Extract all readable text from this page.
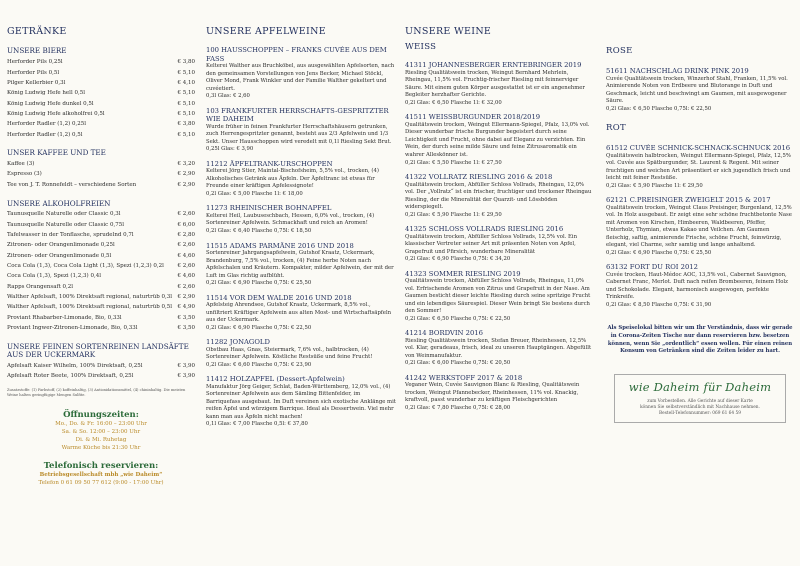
GETRÄNKE
UNSERE BIERE
Herforder Pils 0,25l	€ 3,80
Herforder Pils 0,5l	€ 5,10
Pilger Kellerbier 0,3l	€ 4,10
König Ludwig Hefe hell 0,5l	€ 5,10
König Ludwig Hefe dunkel 0,5l	€ 5,10
König Ludwig Hefe alkoholfrei 0,5l	€ 5,10
Herforder Radler (1,2) 0,25l	€ 3,80
Herforder Radler (1,2) 0,5l	€ 5,10
UNSER KAFFEE UND TEE
Kaffee (3)	€ 3,20
Espresso (3)	€ 2,90
Tee von J. T. Ronnefeldt – verschiedene Sorten	€ 2,90
UNSERE ALKOHOLFREIEN
Taunusquelle Naturelle oder Classic 0,3l	€ 2,60
Taunusquelle Naturelle oder Classic 0,75l	€ 6,00
Tafelwasser in der Tonflasche, sprudelnd 0,7l	€ 2,80
Zitronen- oder Orangenlimonade 0,25l	€ 2,60
Zitronen- oder Orangenlimonade 0,5l	€ 4,60
Coca Cola (1,3), Coca Cola Light (1,3), Spezi (1,2,3) 0,2l	€ 2,60
Coca Cola (1,3), Spezi (1,2,3) 0,4l	€ 4,60
Rapps Orangensaft 0,2l	€ 2,60
Walther Apfelsaft, 100% Direktsaft regional, naturtrüb 0,3l € 2,90
Walther Apfelsaft, 100% Direktsaft regional, naturtrüb 0,5l € 4,90
Proviant Rhabarber-Limonade, Bio, 0,33l	€ 3,50
Proviant Ingwer-Zitronen-Limonade, Bio, 0,33l	€ 3,50
UNSERE FEINEN SORTENREINEN LANDSÄFTE AUS DER UCKERMARK
Apfelsaft Kaiser Wilhelm, 100% Direktsaft, 0,25l	€ 3,90
Apfelsaft Roter Beete, 100% Direktsaft, 0,25l	€ 3,90
Zusatzstoffe: (1) Farbstoff, (2) koffeinhaltig, (3) Antioxidationsmittel, (4) chininhaltig. Die meisten Weine halten geringfügige Mengen Sulfite.
Öffnungszeiten:
Mo., Do. & Fr. 16:00 – 23:00 Uhr
Sa. & So. 12:00 – 23:00 Uhr
Di. & Mi. Ruhetag
Warme Küche bis 21:30 Uhr
Telefonisch reservieren:
Betriebsgesellschaft mbh „wie Daheim“
Telefon 0 61 09 50 77 612 (9:00 - 17:00 Uhr)
UNSERE APFELWEINE
100 HAUSSCHOPPEN – FRANKS CUVÉE AUS DEM FASS
Kelterei Walther aus Bruchköbel, aus ausgewählten Apfelsorten, nach den gemeinsamen Vorstellungen von Jens Becker, Michael Stöckl, Oliver Mond, Frank Winkler und der Familie Walther gekeltert und cuvéetiert.
0,3l Glas: € 2,60
103 FRANKFURTER HERRSCHAFTS-GESPRITZTER WIE DAHEIM
Wurde früher in feinen Frankfurter Herrschaftshäusern getrunken, zuch Herrengespritzter genannt, besteht aus 2/3 Apfelwein und 1/3 Sekt. Unser Hausschoppen wird veredelt mit 0,1l Riesling Sekt Brut.
0,25l Glas: € 3,90
11212 ÄPFELTRANK-URSCHOPPEN
Kelterei Jörg Stier, Maintal-Bischofsheim, 5,5% vol., trocken, (4) Alkoholisches Getränk aus Äpfeln. Der Äpfeltranc ist etwas für Freunde einer kräftigen Apfelessignote!
0,2l Glas: € 5,00 Flasche 1l: € 18,00
11273 RHEINISCHER BOHNAPFEL
Kelterei Heil, Laubuseschbach, Hessen, 6,0% vol., trocken, (4) Sortenreiner Apfelwein. Schmackhaft und reich an Aromen!
0,2l Glas: € 6,40 Flasche 0,75l: € 18,50
11515 ADAMS PARMÄNE 2016 UND 2018
Sortenreiner Jahrgangsapfelwein, Gutshof Kraatz, Uckermark, Brandenburg, 7,5% vol., trocken, (4) Feine herbe Noten nach Apfelschalen und Kräutern. Kompakter, milder Apfelwein, der mit der Luft im Glas richtig aufblüht.
0,2l Glas: € 6,90 Flasche 0,75l: € 25,50
11514 VOR DEM WALDE 2016 UND 2018
Apfelsteig Ahrendsee, Gutshof Kraatz, Uckermark, 8,5% vol., unfiltriert Kräftiger Apfelwein aus alten Most- und Wirtschaftsäpfeln aus der Uckermark.
0,2l Glas: € 6,90 Flasche 0,75l: € 22,50
11282 JONAGOLD
Obstbau Haas, Gnas, Steiermark, 7,6% vol., halbtrocken, (4) Sortenreiner Apfelwein. Köstliche Restsüße und feine Frucht!
0,2l Glas: € 6,60 Flasche 0,75l: € 23,90
11412 HOLZAPFEL (Dessert-Apfelwein)
Manufaktur Jörg Geiger, Schlat, Baden-Württemberg, 12,0% vol., (4) Sortenreiner Apfelwein aus dem Sämling Bittenfelder, im Barriquefass ausgebaut. Im Duft vereinen sich exotische Anklänge mit reifen Äpfel und würzigem Barrique. Ideal als Dessertwein. Viel mehr kann man aus Äpfeln nicht machen!
0,1l Glas: € 7,00 Flasche 0,5l: € 37,80
UNSERE WEINE
WEISS
41311 JOHANNESBERGER ERNTEBRINGER 2019
Riesling Qualitätswein trocken, Weingut Bernhard Mehrlein, Rheingau, 11,5% vol. Fruchtig-frischer Riesling mit feinnerviger Säure. Mit einem guten Körper ausgestattet ist er ein angenehmer Begleiter herzhafter Gerichte.
0,2l Glas: € 6,50 Flasche 1l: € 32,00
41511 WEISSBURGUNDER 2018/2019
Qualitätswein trocken, Weingut Ellermann-Spiegel, Pfalz, 13,0% vol. Dieser wunderbar frische Burgunder begeistert durch seine Leichtigkeit und Frucht, ohne dabei auf Eleganz zu verzichten. Ein Wein, der durch seine milde Säure und feine Zitrusaromatik ein wahrer Alleskönner ist.
0,2l Glas: € 5,50 Flasche 1l: € 27,50
41322 VOLLRATZ RIESLING 2016 & 2018
Qualitätswein trocken, Abfüller Schloss Vollrads, Rheingau, 12,0% vol. Der „Vollratz“ ist ein frischer, fruchtiger und trockener Rheingau Riesling, der die Mineralität der Quarzit- und Lössböden widerspiegelt.
0,2l Glas: € 5,90 Flasche 1l: € 29,50
41325 SCHLOSS VOLLRADS RIESLING 2016
Qualitätswein trocken, Abfüller Schloss Vollrads, 12,5% vol. Ein klassischer Vertreter seiner Art mit präsenten Noten von Apfel, Grapefruit und Pfirsich, wunderbare Mineralität
0,2l Glas: € 6,90 Flasche 0,75l: € 34,20
41323 SOMMER RIESLING 2019
Qualitätswein trocken, Abfüller Schloss Vollrads, Rheingau, 11,0% vol. Erfrischende Aromen von Zitrus und Grapefruit in der Nase. Am Gaumen besticht dieser leichte Riesling durch seine spritzige Frucht und ein lebendiges Säurespiel. Dieser Wein bringt Sie bestens durch den Sommer!
0,2l Glas: € 6,50 Flasche 0,75l: € 22,50
41214 BORDVIN 2016
Riesling Qualitätswein trocken, Stefan Breuer, Rheinhessen, 12,5% vol. Klar, geradeaus, frisch, ideal zu unseren Hauptgängen. Abgefüllt von Weinmanufaktur.
0,2l Glas: € 6,00 Flasche 0,75l: € 20,50
41242 WERKSTOFF 2017 & 2018
Veganer Wein, Cuvée Sauvignon Blanc & Riesling, Qualitätswein trocken, Weingut Pfannebecker, Rheinhessen, 11% vol. Knackig, kraftvoll, passt wunderbar zu kräftigen Fleischgerichten
0,2l Glas: € 7,80 Flasche 0,75l: € 28,00
ROSE
51611 NACHSCHLAG DRINK PINK 2019
Cuvée Qualitätswein trocken, Winzerhof Stahl, Franken, 11,5% vol. Animierende Noten von Erdbeere und Blutorange in Duft und Geschmack, leicht und beschwingt am Gaumen, mit ausgewogener Säure.
0,2l Glas: € 6,50 Flasche 0,75l: € 22,50
ROT
61512 CUVÉE SCHNICK-SCHNACK-SCHNUCK 2016
Qualitätswein halbtrocken, Weingut Ellermann-Spiegel, Pfalz, 12,5% vol. Cuvée aus Spätburgunder, St. Laurent & Regent. Mit seiner fruchtigen und weichen Art präsentiert er sich jugendlich frisch und leicht mit feiner Restsüße.
0,2l Glas: € 5,90 Flasche 1l: € 29,50
62121 C.PREISINGER ZWEIGELT 2015 & 2017
Qualitätswein trocken, Weingut Claus Preisinger, Burgenland, 12,5% vol. In Holz ausgebaut. Er zeigt eine sehr schöne fruchtbetonte Nase mit Aromen von Kirschen, Himbeeren, Waldbeeren, Pfeffer, Unterholz, Thymian, etwas Kakao und Veilchen. Am Gaumen fleischig, saftig, animierende Frische, schöne Frucht, feinwürzig, elegant, viel Charme, sehr samtig und lange anhaltend.
0,2l Glas: € 6,90 Flasche 0,75l: € 25,50
63132 FORT DU ROI 2012
Cuvée trocken, Haut-Médoc AOC, 13,5% vol., Cabernet Sauvignon, Cabernet Franc, Merlot. Duft nach reifen Brombeeren, feinem Holz und Schokolade. Elegant, harmonisch ausgewogen, perfekte Trinkreife.
0,2l Glas: € 8,50 Flasche 0,75l: € 31,90
Als Speiselokal bitten wir um Ihr Verständnis, dass wir gerade in Corona-Zeiten Tische nur dann reservieren bzw. besetzen können, wenn Sie „ordentlich“ essen wollen. Für einen reinen Konsum von Getränken sind die Zeiten leider zu hart.
wie Daheim für Daheim
zum Vorbestellen. Alle Gerichte auf dieser Karte
können Sie selbstverständlich mit Nachhause nehmen.
Bestell-Telefonnummer: 069 61 64 59
